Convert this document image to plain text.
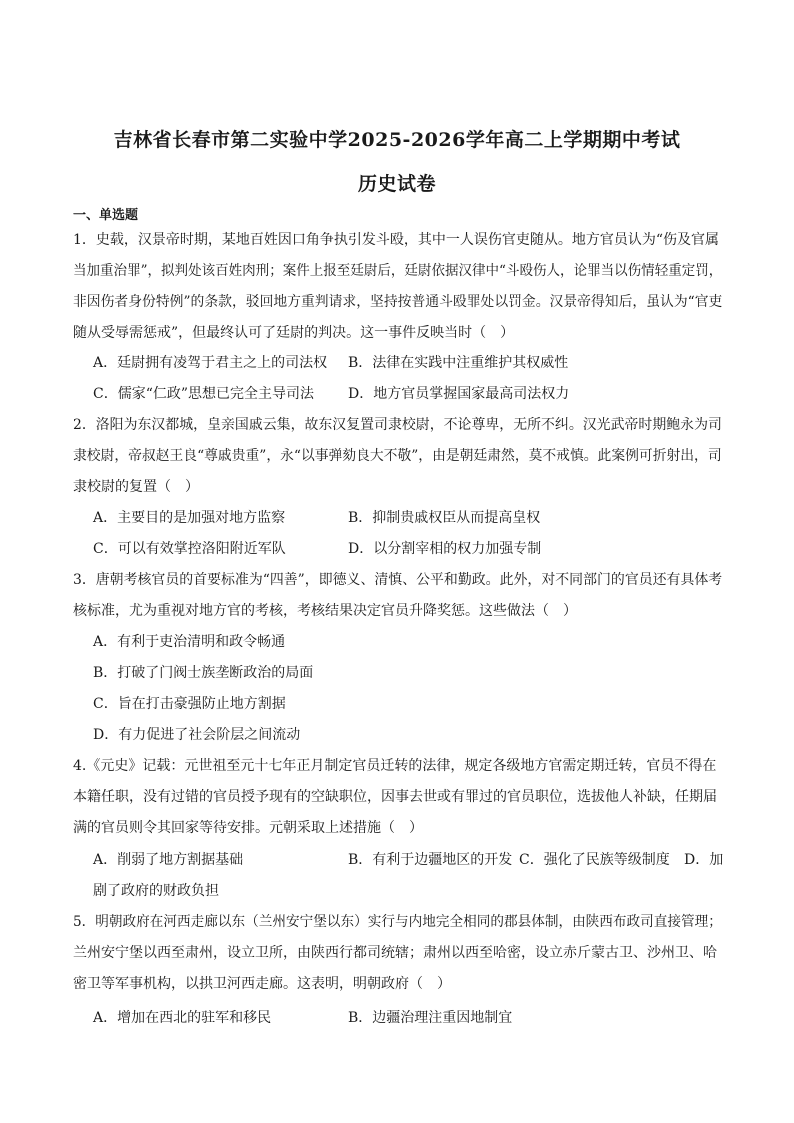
吉林省长春市第二实验中学2025-2026学年高二上学期期中考试
历史试卷
一、单选题
1．史载，汉景帝时期，某地百姓因口角争执引发斗殴，其中一人误伤官吏随从。地方官员认为“伤及官属
当加重治罪”，拟判处该百姓肉刑；案件上报至廷尉后，廷尉依据汉律中“斗殴伤人，论罪当以伤情轻重定罚，
非因伤者身份特例”的条款，驳回地方重判请求，坚持按普通斗殴罪处以罚金。汉景帝得知后，虽认为“官吏
随从受辱需惩戒”，但最终认可了廷尉的判决。这一事件反映当时（　）
A．廷尉拥有凌驾于君主之上的司法权 B．法律在实践中注重维护其权威性
C．儒家“仁政”思想已完全主导司法 D．地方官员掌握国家最高司法权力
2．洛阳为东汉都城，皇亲国戚云集，故东汉复置司隶校尉，不论尊卑，无所不纠。汉光武帝时期鲍永为司
隶校尉，帝叔赵王良“尊戚贵重”，永“以事弹劾良大不敬”，由是朝廷肃然，莫不戒慎。此案例可折射出，司
隶校尉的复置（　）
A．主要目的是加强对地方监察	B．抑制贵戚权臣从而提高皇权
C．可以有效掌控洛阳附近军队	D．以分割宰相的权力加强专制
3．唐朝考核官员的首要标准为“四善”，即德义、清慎、公平和勤政。此外，对不同部门的官员还有具体考
核标准，尤为重视对地方官的考核，考核结果决定官员升降奖惩。这些做法（　）
A．有利于吏治清明和政令畅通
B．打破了门阀士族垄断政治的局面
C．旨在打击豪强防止地方割据
D．有力促进了社会阶层之间流动
4.《元史》记载：元世祖至元十七年正月制定官员迁转的法律，规定各级地方官需定期迁转，官员不得在
本籍任职，没有过错的官员授予现有的空缺职位，因事去世或有罪过的官员职位，选拔他人补缺，任期届
满的官员则令其回家等待安排。元朝采取上述措施（　）
A．削弱了地方割据基础	B．有利于边疆地区的开发 C．强化了民族等级制度 D．加
剧了政府的财政负担
5．明朝政府在河西走廊以东（兰州安宁堡以东）实行与内地完全相同的郡县体制，由陕西布政司直接管理；
兰州安宁堡以西至肃州，设立卫所，由陕西行都司统辖；肃州以西至哈密，设立赤斤蒙古卫、沙州卫、哈
密卫等军事机构，以拱卫河西走廊。这表明，明朝政府（　）
A．增加在西北的驻军和移民	B．边疆治理注重因地制宜
